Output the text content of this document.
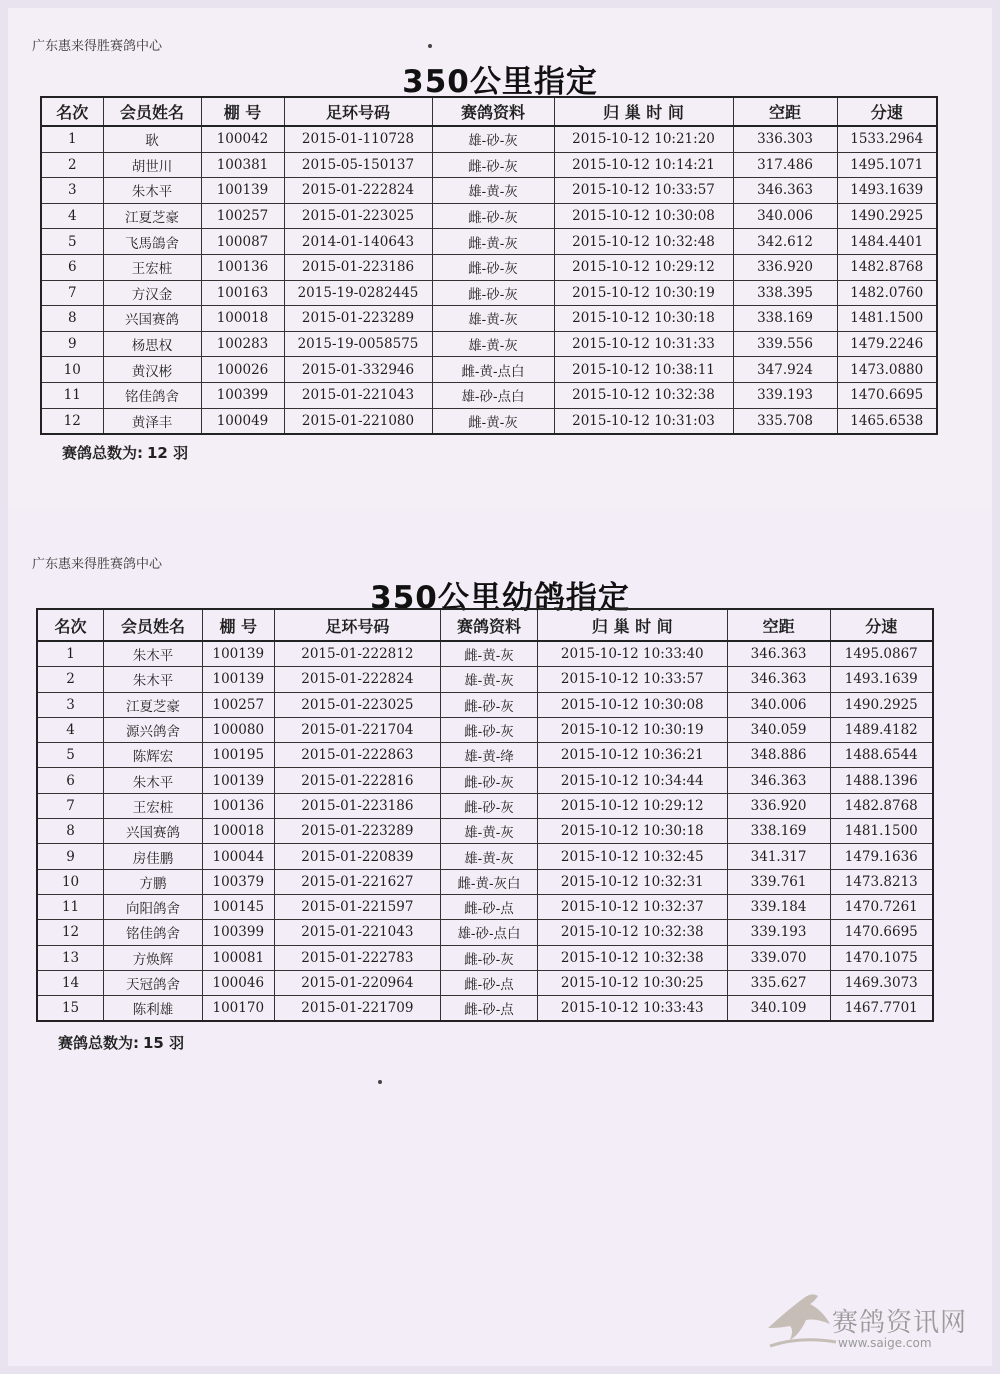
广东惠来得胜赛鸽中心
350公里指定
名次	会员姓名	棚 号	足环号码	赛鸽资料	归 巢 时 间	空距	分速
1	耿	100042	2015-01-110728	雄-砂-灰	2015-10-12 10:21:20	336.303	1533.2964
2	胡世川	100381	2015-05-150137	雌-砂-灰	2015-10-12 10:14:21	317.486	1495.1071
3	朱木平	100139	2015-01-222824	雄-黄-灰	2015-10-12 10:33:57	346.363	1493.1639
4	江夏芝豪	100257	2015-01-223025	雌-砂-灰	2015-10-12 10:30:08	340.006	1490.2925
5	飞馬鴿舍	100087	2014-01-140643	雌-黄-灰	2015-10-12 10:32:48	342.612	1484.4401
6	王宏桩	100136	2015-01-223186	雌-砂-灰	2015-10-12 10:29:12	336.920	1482.8768
7	方汉金	100163	2015-19-0282445	雌-砂-灰	2015-10-12 10:30:19	338.395	1482.0760
8	兴国赛鸽	100018	2015-01-223289	雄-黄-灰	2015-10-12 10:30:18	338.169	1481.1500
9	杨思权	100283	2015-19-0058575	雄-黄-灰	2015-10-12 10:31:33	339.556	1479.2246
10	黄汉彬	100026	2015-01-332946	雌-黄-点白	2015-10-12 10:38:11	347.924	1473.0880
11	铭佳鸽舍	100399	2015-01-221043	雄-砂-点白	2015-10-12 10:32:38	339.193	1470.6695
12	黄泽丰	100049	2015-01-221080	雌-黄-灰	2015-10-12 10:31:03	335.708	1465.6538
赛鸽总数为: 12 羽
广东惠来得胜赛鸽中心
350公里幼鸽指定
名次	会员姓名	棚 号	足环号码	赛鸽资料	归 巢 时 间	空距	分速
1	朱木平	100139	2015-01-222812	雌-黄-灰	2015-10-12 10:33:40	346.363	1495.0867
2	朱木平	100139	2015-01-222824	雄-黄-灰	2015-10-12 10:33:57	346.363	1493.1639
3	江夏芝豪	100257	2015-01-223025	雌-砂-灰	2015-10-12 10:30:08	340.006	1490.2925
4	源兴鸽舍	100080	2015-01-221704	雌-砂-灰	2015-10-12 10:30:19	340.059	1489.4182
5	陈辉宏	100195	2015-01-222863	雄-黄-绛	2015-10-12 10:36:21	348.886	1488.6544
6	朱木平	100139	2015-01-222816	雌-砂-灰	2015-10-12 10:34:44	346.363	1488.1396
7	王宏桩	100136	2015-01-223186	雌-砂-灰	2015-10-12 10:29:12	336.920	1482.8768
8	兴国赛鸽	100018	2015-01-223289	雄-黄-灰	2015-10-12 10:30:18	338.169	1481.1500
9	房佳鹏	100044	2015-01-220839	雄-黄-灰	2015-10-12 10:32:45	341.317	1479.1636
10	方鹏	100379	2015-01-221627	雌-黄-灰白	2015-10-12 10:32:31	339.761	1473.8213
11	向阳鸽舍	100145	2015-01-221597	雌-砂-点	2015-10-12 10:32:37	339.184	1470.7261
12	铭佳鸽舍	100399	2015-01-221043	雄-砂-点白	2015-10-12 10:32:38	339.193	1470.6695
13	方焕辉	100081	2015-01-222783	雌-砂-灰	2015-10-12 10:32:38	339.070	1470.1075
14	天冠鸽舍	100046	2015-01-220964	雌-砂-点	2015-10-12 10:30:25	335.627	1469.3073
15	陈利雄	100170	2015-01-221709	雌-砂-点	2015-10-12 10:33:43	340.109	1467.7701
赛鸽总数为: 15 羽
赛鸽资讯网
www.saige.com
